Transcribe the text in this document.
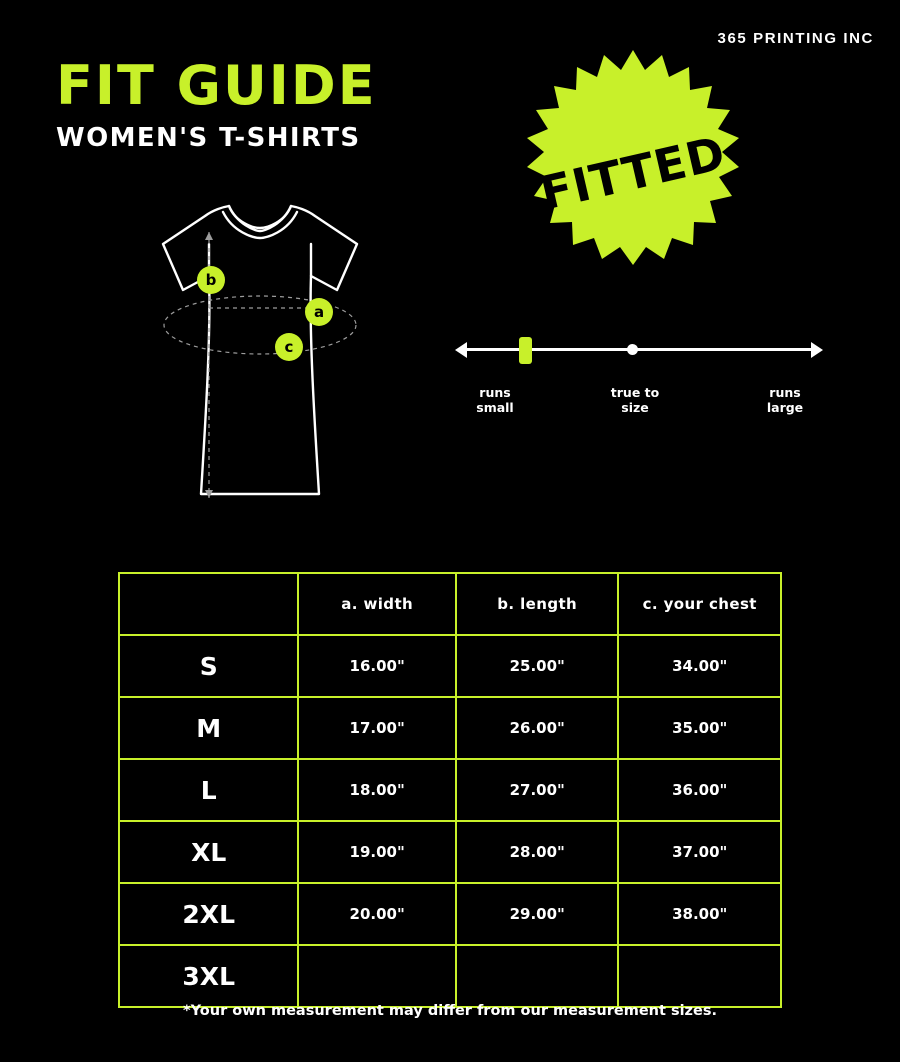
365 PRINTING INC
FIT GUIDE
WOMEN'S T-SHIRTS	FITTED
a
b
c
runs
small
true to
size
runs
large
	a. width	b. length	c. your chest
S	16.00"	25.00"	34.00"
M	17.00"	26.00"	35.00"
L	18.00"	27.00"	36.00"
XL	19.00"	28.00"	37.00"
2XL	20.00"	29.00"	38.00"
3XL			
*Your own measurement may differ from our measurement sizes.
